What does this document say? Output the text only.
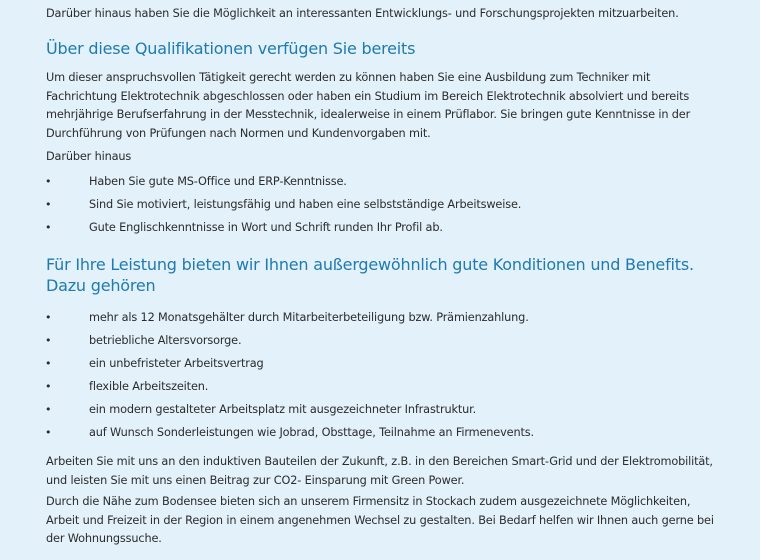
Darüber hinaus haben Sie die Möglichkeit an interessanten Entwicklungs- und Forschungsprojekten mitzuarbeiten.

Über diese Qualifikationen verfügen Sie bereits

Um dieser anspruchsvollen Tätigkeit gerecht werden zu können haben Sie eine Ausbildung zum Techniker mit Fachrichtung Elektrotechnik abgeschlossen oder haben ein Studium im Bereich Elektrotechnik absolviert und bereits mehrjährige Berufserfahrung in der Messtechnik, idealerweise in einem Prüflabor. Sie bringen gute Kenntnisse in der Durchführung von Prüfungen nach Normen und Kundenvorgaben mit.

Darüber hinaus

•	Haben Sie gute MS-Office und ERP-Kenntnisse.
•	Sind Sie motiviert, leistungsfähig und haben eine selbstständige Arbeitsweise.
•	Gute Englischkenntnisse in Wort und Schrift runden Ihr Profil ab.
Für Ihre Leistung bieten wir Ihnen außergewöhnlich gute Konditionen und Benefits.
Dazu gehören
•	mehr als 12 Monatsgehälter durch Mitarbeiterbeteiligung bzw. Prämienzahlung.
•	betriebliche Altersvorsorge.
•	ein unbefristeter Arbeitsvertrag
•	flexible Arbeitszeiten.
•	ein modern gestalteter Arbeitsplatz mit ausgezeichneter Infrastruktur.
•	auf Wunsch Sonderleistungen wie Jobrad, Obsttage, Teilnahme an Firmenevents.

Arbeiten Sie mit uns an den induktiven Bauteilen der Zukunft, z.B. in den Bereichen Smart-Grid und der Elektromobilität, und leisten Sie mit uns einen Beitrag zur CO2- Einsparung mit Green Power.

Durch die Nähe zum Bodensee bieten sich an unserem Firmensitz in Stockach zudem ausgezeichnete Möglichkeiten, Arbeit und Freizeit in der Region in einem angenehmen Wechsel zu gestalten. Bei Bedarf helfen wir Ihnen auch gerne bei der Wohnungssuche.
